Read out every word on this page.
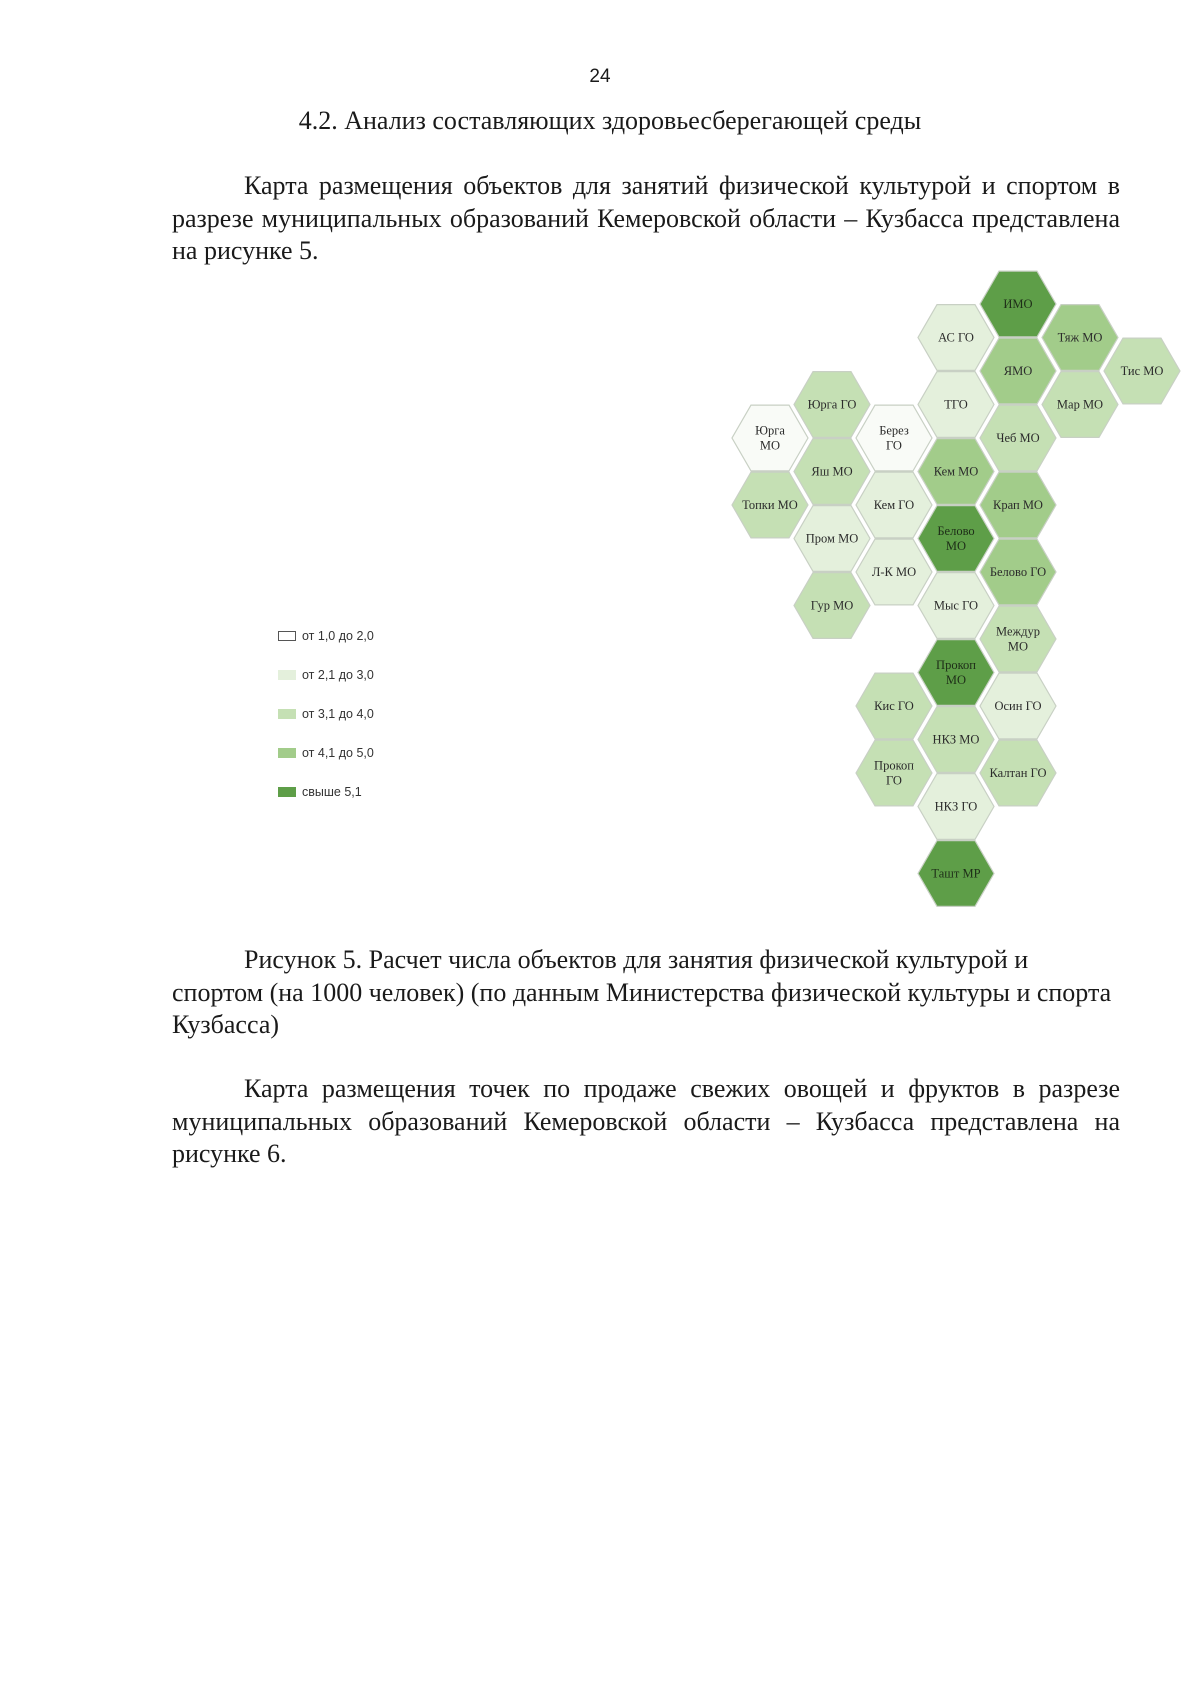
24
4.2. Анализ составляющих здоровьесберегающей среды

Карта размещения объектов для занятий физической культурой и спортом в разрезе муниципальных образований Кемеровской области – Кузбасса представлена на рисунке 5.

ИМО
АС ГО	Тяж МО
ЯМО	Тис МО
Юрга ГО	ТГО	Мар МО
Юрга МО
Берез ГО
Чеб МО
Яш МО	Кем МО
Топки МО	Кем ГО	Крап МО
Пром МО
Белово МО
Л-К МО	Белово ГО
Гур МО	Мыс ГО
Междур МО
Прокоп МО
Кис ГО	Осин ГО
НКЗ МО
Прокоп ГО
Калтан ГО
НКЗ ГО
Ташт МР
от 1,0 до 2,0
от 2,1 до 3,0
от 3,1 до 4,0
от 4,1 до 5,0
свыше 5,1

Рисунок 5. Расчет числа объектов для занятия физической культурой и спортом (на 1000 человек) (по данным Министерства физической культуры и спорта Кузбасса)

Карта размещения точек по продаже свежих овощей и фруктов в разрезе муниципальных образований Кемеровской области – Кузбасса представлена на рисунке 6.
